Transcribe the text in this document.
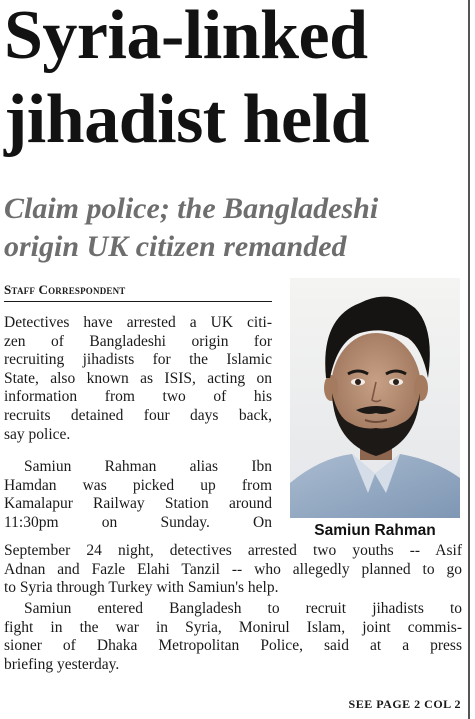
Syria-linked
jihadist held
Claim police; the Bangladeshi
origin UK citizen remanded

Staff Correspondent

Detectives have arrested a UK citi-

zen of Bangladeshi origin for

recruiting jihadists for the Islamic

State, also known as ISIS, acting on

information from two of his

recruits detained four days back,

say police.

Samiun Rahman alias Ibn

Hamdan was picked up from

Kamalapur Railway Station around

11:30pm on Sunday. On

September 24 night, detectives arrested two youths -- Asif

Adnan and Fazle Elahi Tanzil -- who allegedly planned to go

to Syria through Turkey with Samiun's help.

Samiun entered Bangladesh to recruit jihadists to

fight in the war in Syria, Monirul Islam, joint commis-

sioner of Dhaka Metropolitan Police, said at a press

briefing yesterday.

Samiun Rahman

SEE PAGE 2 COL 2
